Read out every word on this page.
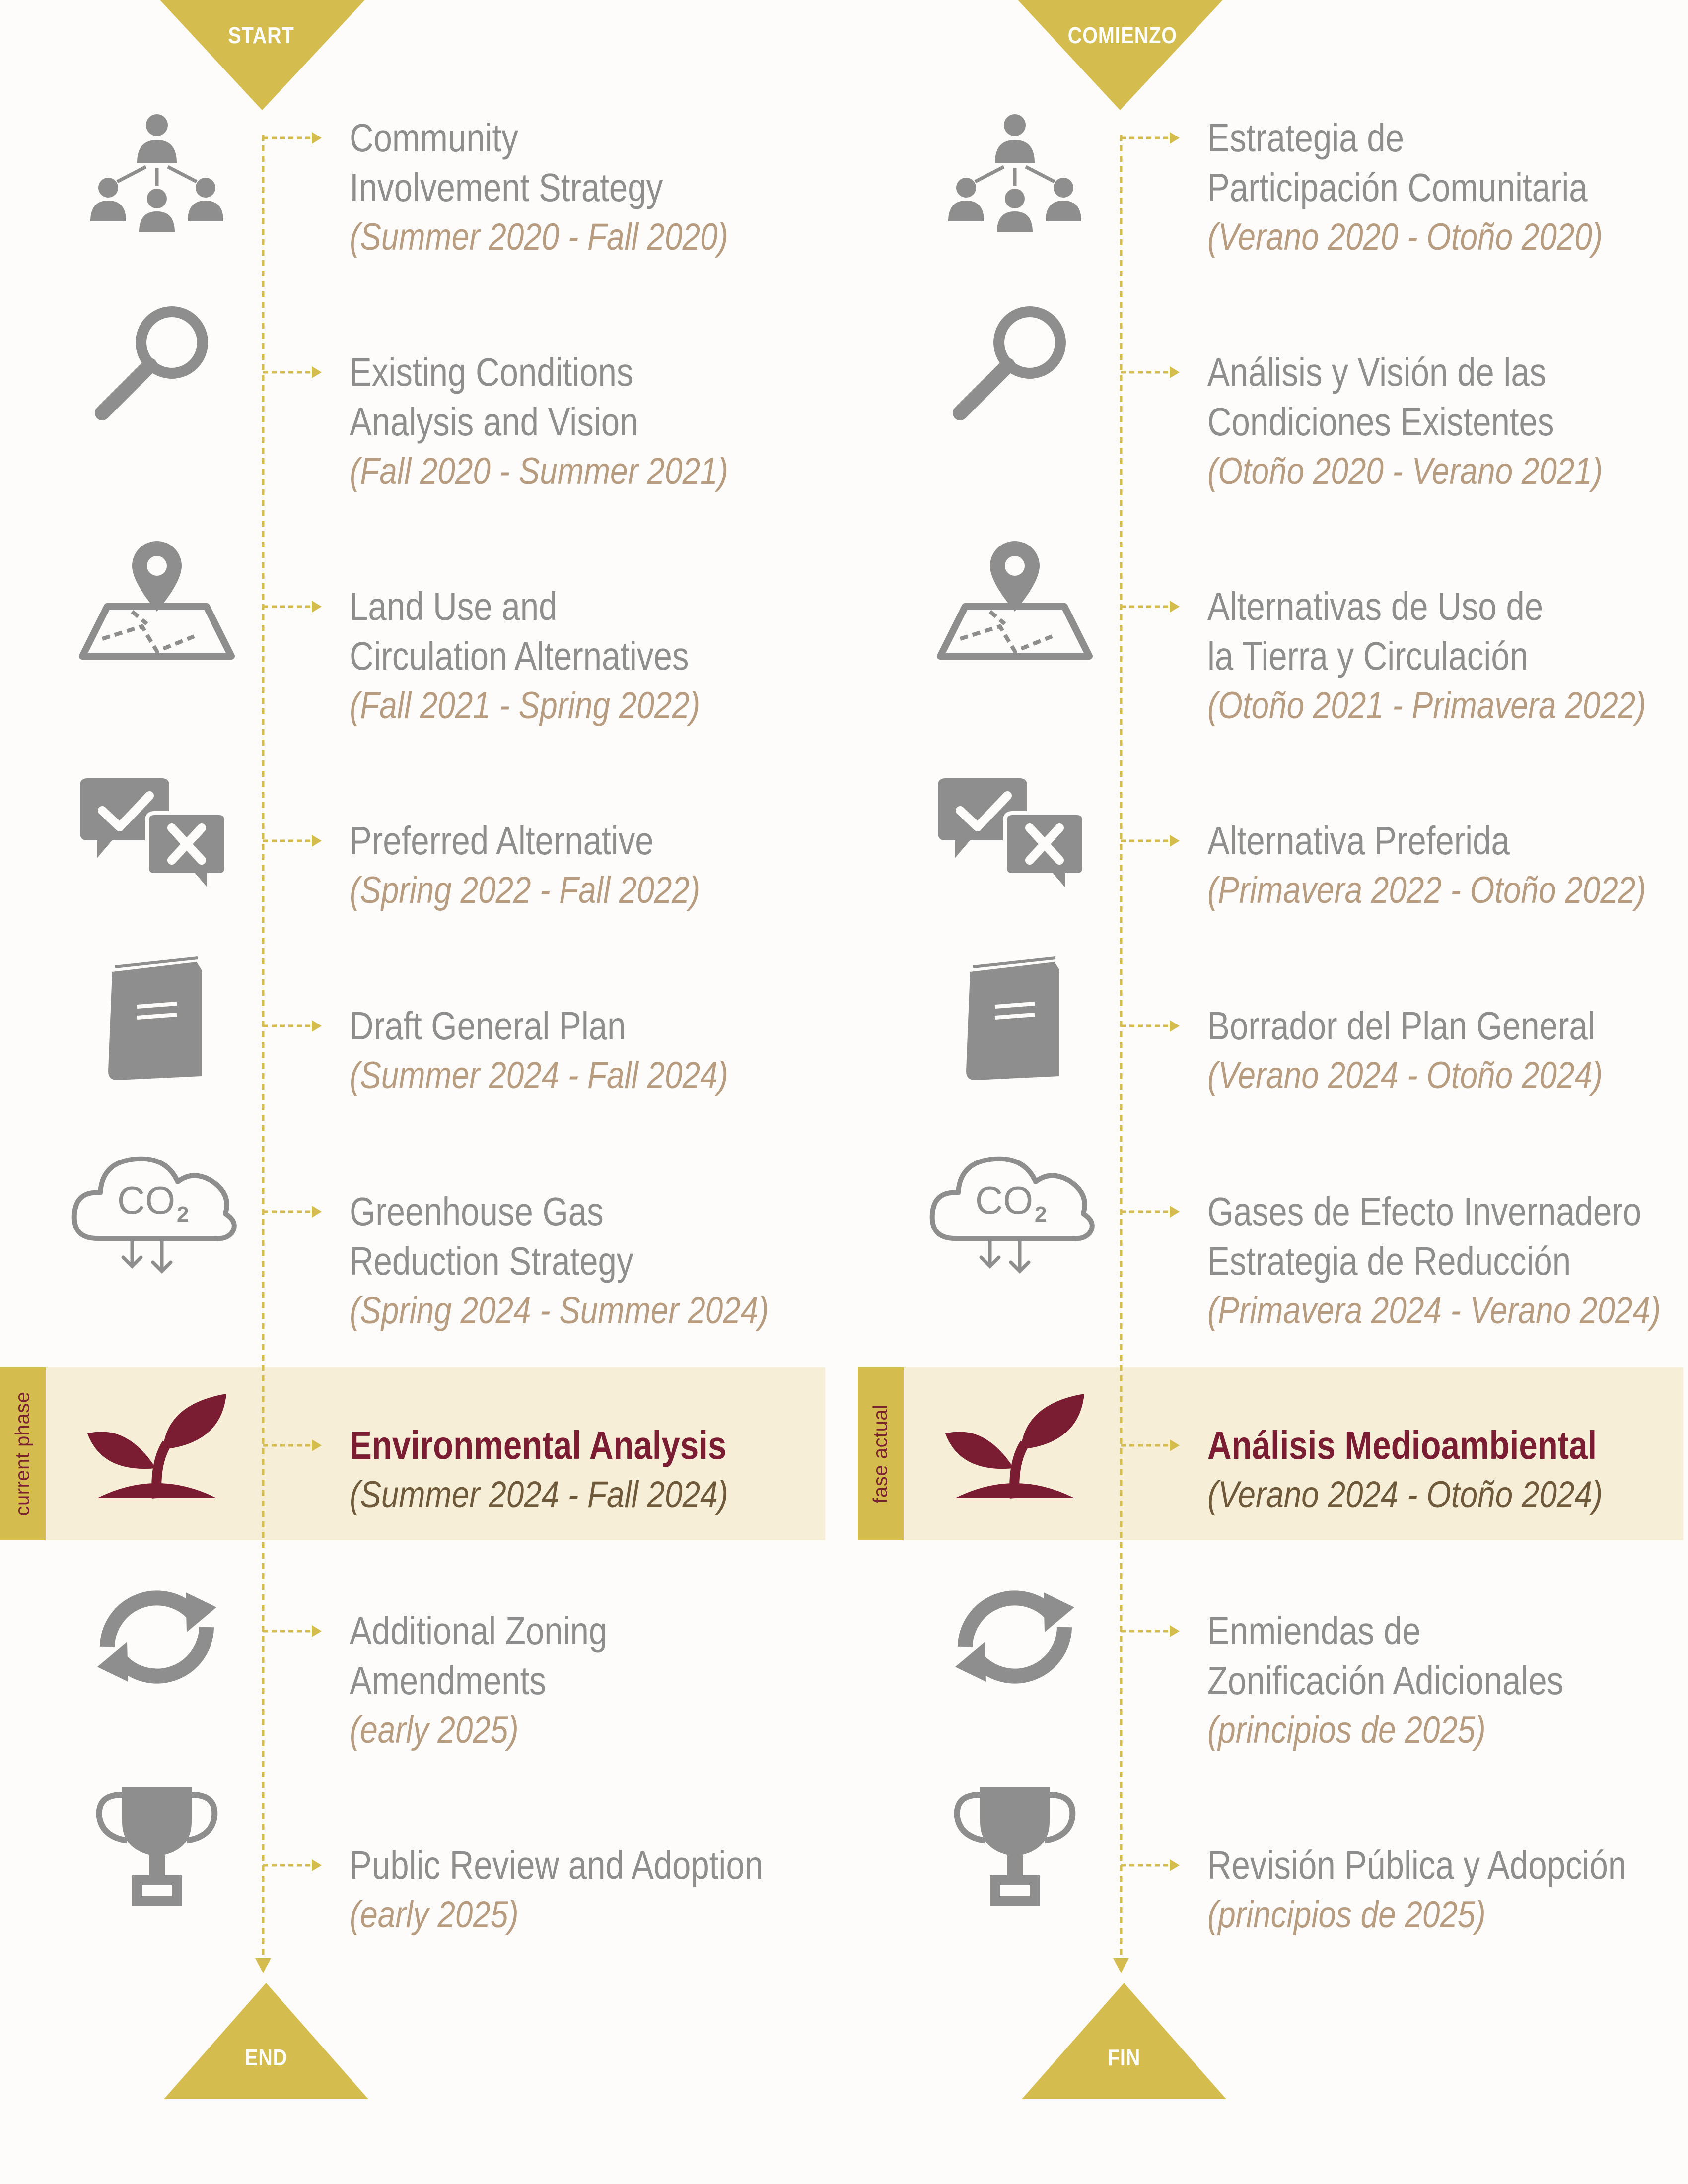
current phase
START
END
Community
Involvement Strategy
(Summer 2020 - Fall 2020)
Existing Conditions
Analysis and Vision
(Fall 2020 - Summer 2021)
Land Use and
Circulation Alternatives
(Fall 2021 - Spring 2022)
Preferred Alternative
(Spring 2022 - Fall 2022)
Draft General Plan
(Summer 2024 - Fall 2024)
CO 2	Greenhouse Gas
Reduction Strategy
(Spring 2024 - Summer 2024)
Environmental Analysis
(Summer 2024 - Fall 2024)
Additional Zoning
Amendments
(early 2025)
Public Review and Adoption
(early 2025)
fase actual
COMIENZO
FIN
Estrategia de
Participación Comunitaria
(Verano 2020 - Otoño 2020)
Análisis y Visión de las
Condiciones Existentes
(Otoño 2020 - Verano 2021)
Alternativas de Uso de
la Tierra y Circulación
(Otoño 2021 - Primavera 2022)
Alternativa Preferida
(Primavera 2022 - Otoño 2022)
Borrador del Plan General
(Verano 2024 - Otoño 2024)
CO 2	Gases de Efecto Invernadero
Estrategia de Reducción
(Primavera 2024 - Verano 2024)
Análisis Medioambiental
(Verano 2024 - Otoño 2024)
Enmiendas de
Zonificación Adicionales
(principios de 2025)
Revisión Pública y Adopción
(principios de 2025)
